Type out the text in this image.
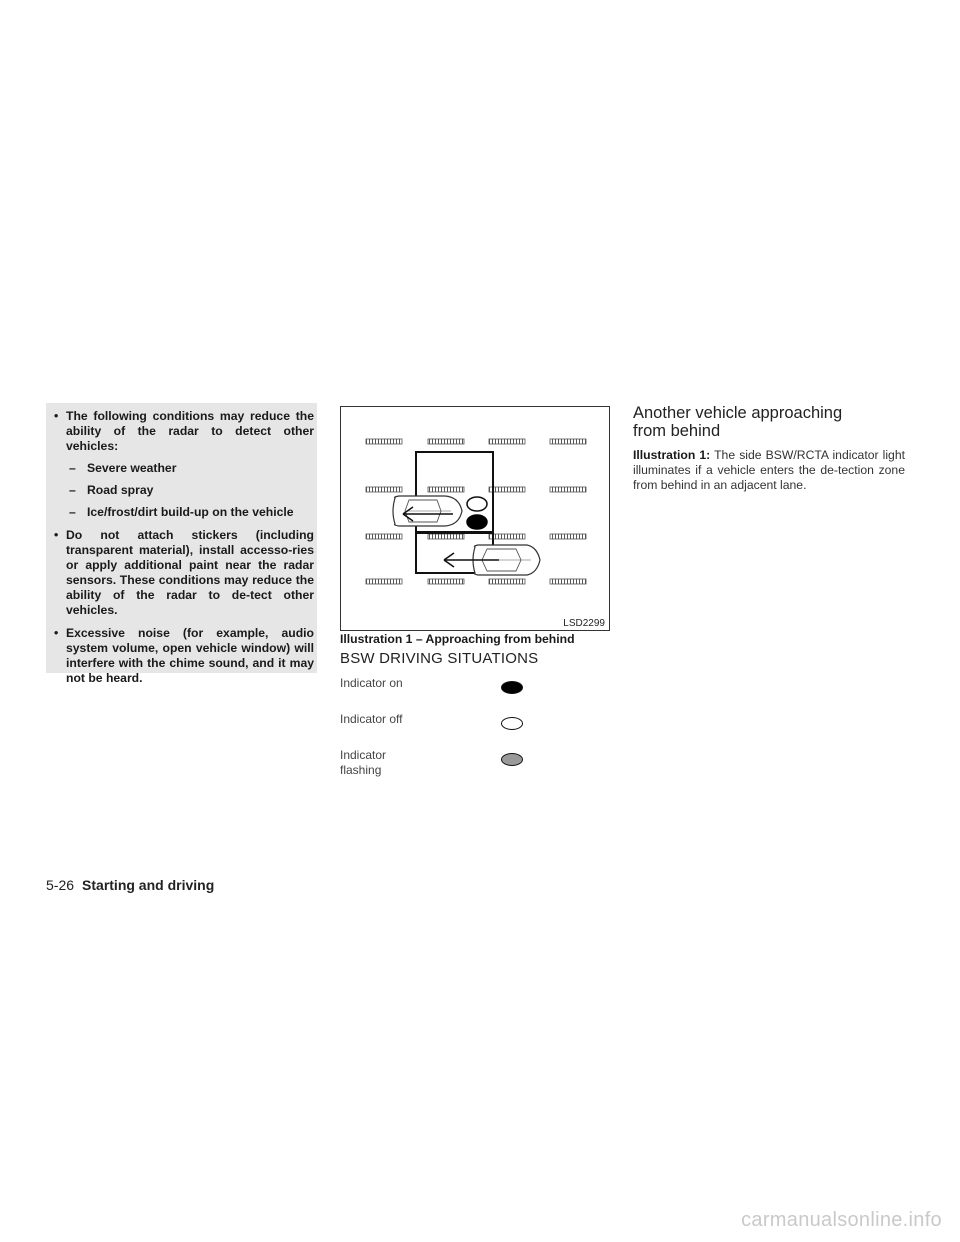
• The following conditions may reduce the ability of the radar to detect other vehicles:
– Severe weather
– Road spray
– Ice/frost/dirt build-up on the vehicle
• Do not attach stickers (including transparent material), install accesso-ries or apply additional paint near the radar sensors. These conditions may reduce the ability of the radar to de-tect other vehicles.
• Excessive noise (for example, audio system volume, open vehicle window) will interfere with the chime sound, and it may not be heard.
LSD2299
Illustration 1 – Approaching from behind
BSW DRIVING SITUATIONS
Indicator on
Indicator off
Indicator flashing
Another vehicle approaching
from behind
Illustration 1: The side BSW/RCTA indicator light illuminates if a vehicle enters the de-tection zone from behind in an adjacent lane.
5-26 Starting and driving
carmanualsonline.info
